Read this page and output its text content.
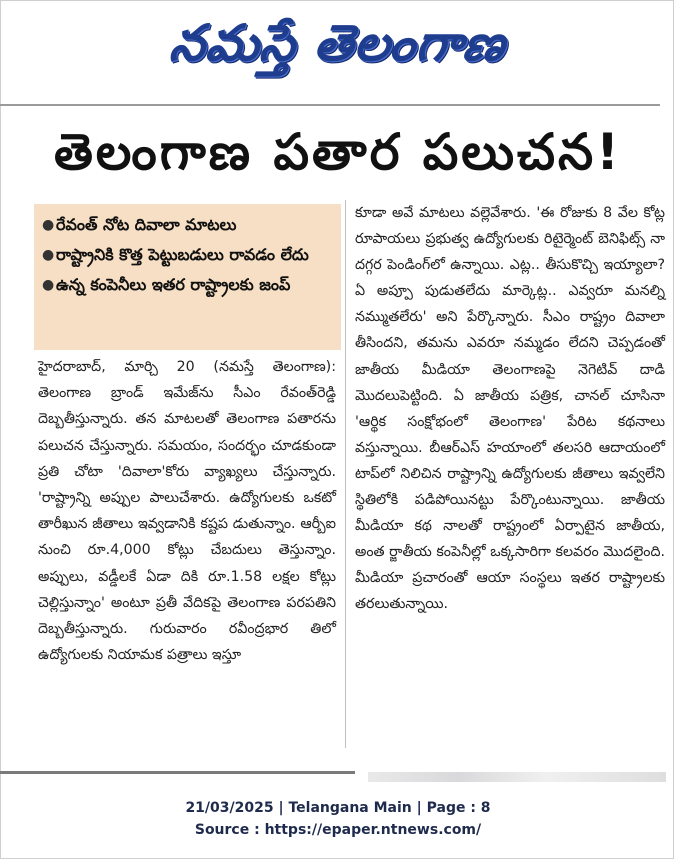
నమస్తే తెలంగాణ
తెలంగాణ పతార పలుచన!
● రేవంత్ నోట దివాలా మాటలు
● రాష్ట్రానికి కొత్త పెట్టుబడులు రావడం లేదు
● ఉన్న కంపెనీలు ఇతర రాష్ట్రాలకు జంప్
హైదరాబాద్, మార్చి 20 (నమస్తే తెలంగాణ): తెలంగాణ బ్రాండ్ ఇమేజ్‌ను సీఎం రేవంత్‌రెడ్డి దెబ్బతీస్తున్నారు. తన మాటలతో తెలంగాణ పతారను పలుచన చేస్తున్నారు. సమయం, సందర్భం చూడకుండా ప్రతి చోటా 'దివాలా'కోరు వ్యాఖ్యలు చేస్తున్నారు. 'రాష్ట్రాన్ని అప్పుల పాలుచేశారు. ఉద్యోగులకు ఒకటో తారీఖున జీతాలు ఇవ్వడానికి కష్టప డుతున్నాం. ఆర్బీఐ నుంచి రూ.4,000 కోట్లు చేబదులు తెస్తున్నాం. అప్పులు, వడ్డీలకే ఏడా దికి రూ.1.58 లక్షల కోట్లు చెల్లిస్తున్నాం' అంటూ ప్రతీ వేదికపై తెలంగాణ పరపతిని దెబ్బతీస్తున్నారు. గురువారం రవీంద్రభార తిలో ఉద్యోగులకు నియామక పత్రాలు ఇస్తూ
కూడా అవే మాటలు వల్లెవేశారు. 'ఈ రోజుకు 8 వేల కోట్ల రూపాయలు ప్రభుత్వ ఉద్యోగులకు రిటైర్మెంట్ బెనిఫిట్స్ నా దగ్గర పెండింగ్‌లో ఉన్నాయి. ఎట్ల.. తీసుకొచ్చి ఇయ్యాలా? ఏ అప్పూ పుడుతలేదు మార్కెట్ల.. ఎవ్వరూ మనల్ని నమ్ముతలేరు' అని పేర్కొన్నారు. సీఎం రాష్ట్రం దివాలా తీసిందని, తమను ఎవరూ నమ్మడం లేదని చెప్పడంతో జాతీయ మీడియా తెలంగాణపై నెగెటివ్ దాడి మొదలుపెట్టింది. ఏ జాతీయ పత్రిక, చానల్ చూసినా 'ఆర్థిక సంక్షోభంలో తెలంగాణ' పేరిట కథనాలు వస్తున్నాయి. బీఆర్‌ఎస్ హయాంలో తలసరి ఆదాయంలో టాప్‌లో నిలిచిన రాష్ట్రాన్ని ఉద్యోగులకు జీతాలు ఇవ్వలేని స్థితిలోకి పడిపోయినట్టు పేర్కొంటున్నాయి. జాతీయ మీడియా కథ నాలతో రాష్ట్రంలో ఏర్పాటైన జాతీయ, అంత ర్జాతీయ కంపెనీల్లో ఒక్కసారిగా కలవరం మొదలైంది. మీడియా ప్రచారంతో ఆయా సంస్థలు ఇతర రాష్ట్రాలకు తరలుతున్నాయి.
21/03/2025 | Telangana Main | Page : 8
Source : https://epaper.ntnews.com/
